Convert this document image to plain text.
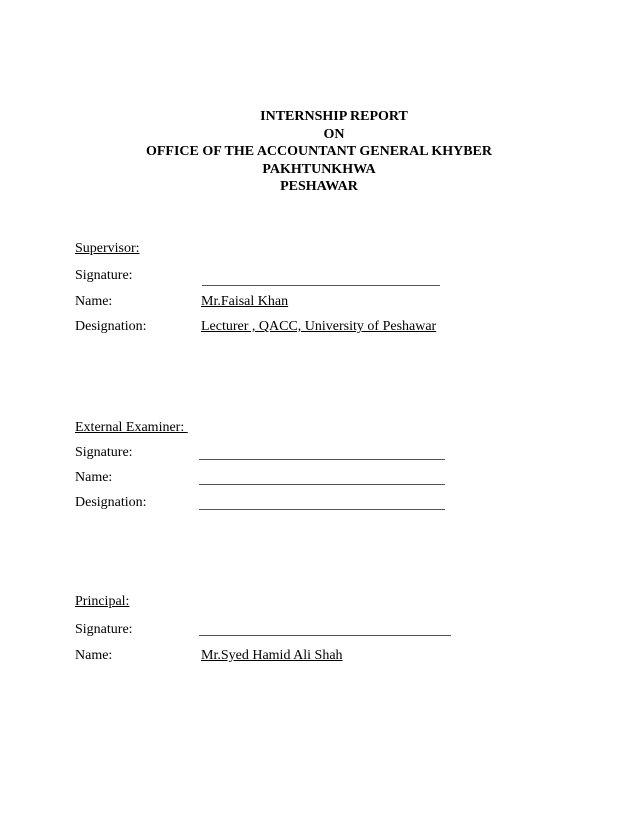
INTERNSHIP REPORT
ON
OFFICE OF THE ACCOUNTANT GENERAL KHYBER
PAKHTUNKHWA
PESHAWAR
Supervisor:
Signature:
Name:	Mr.Faisal Khan
Designation:	Lecturer , QACC, University of Peshawar
External Examiner:
Signature:
Name:
Designation:
Principal:
Signature:
Name:	Mr.Syed Hamid Ali Shah
